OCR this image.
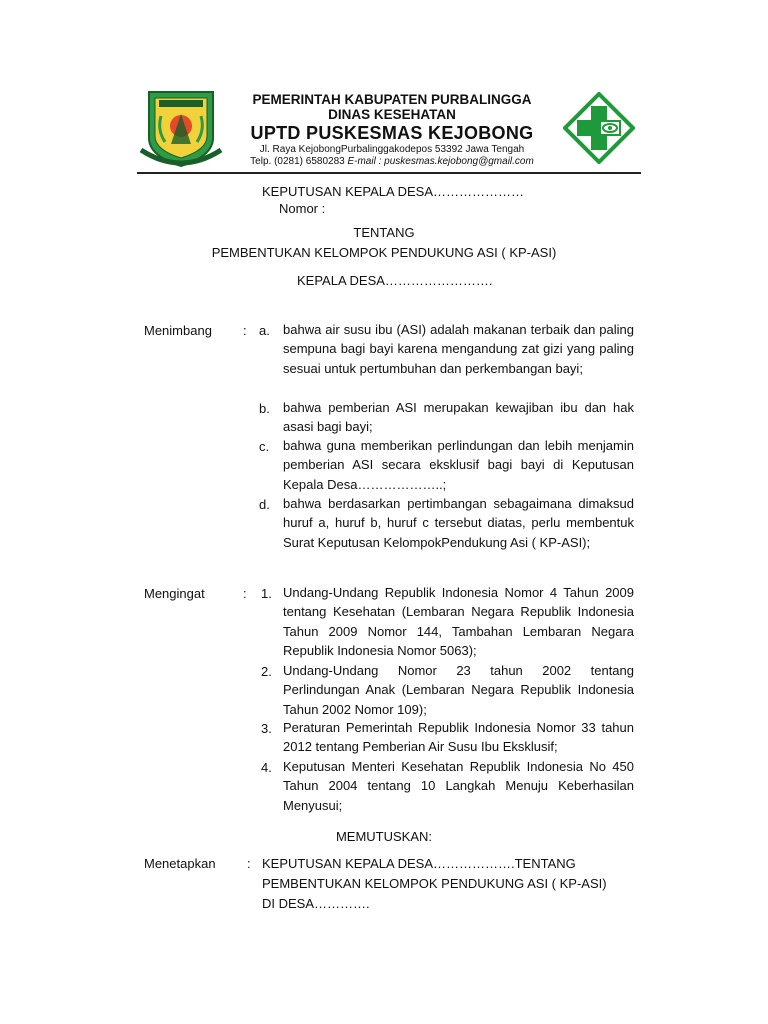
PEMERINTAH KABUPATEN PURBALINGGA
DINAS KESEHATAN
UPTD PUSKESMAS KEJOBONG
Jl. Raya KejobongPurbalinggakodepos 53392 Jawa Tengah
Telp. (0281) 6580283 E-mail : puskesmas.kejobong@gmail.com
KEPUTUSAN KEPALA DESA…………………
Nomor :
TENTANG
PEMBENTUKAN KELOMPOK PENDUKUNG ASI ( KP-ASI)
KEPALA DESA…………………….
Menimbang : a. bahwa air susu ibu (ASI) adalah makanan terbaik dan paling sempuna bagi bayi karena mengandung zat gizi yang paling sesuai untuk pertumbuhan dan perkembangan bayi;
b. bahwa pemberian ASI merupakan kewajiban ibu dan hak asasi bagi bayi;
c. bahwa guna memberikan perlindungan dan lebih menjamin pemberian ASI secara eksklusif bagi bayi di Keputusan Kepala Desa………………..;
d. bahwa berdasarkan pertimbangan sebagaimana dimaksud huruf a, huruf b, huruf c tersebut diatas, perlu membentuk Surat Keputusan KelompokPendukung Asi ( KP-ASI);
Mengingat	: 1. Undang-Undang Republik Indonesia Nomor 4 Tahun 2009 tentang Kesehatan (Lembaran Negara Republik Indonesia Tahun 2009 Nomor 144, Tambahan Lembaran Negara Republik Indonesia Nomor 5063);
2. Undang-Undang Nomor 23 tahun 2002 tentang Perlindungan Anak (Lembaran Negara Republik Indonesia Tahun 2002 Nomor 109);
3. Peraturan Pemerintah Republik Indonesia Nomor 33 tahun 2012 tentang Pemberian Air Susu Ibu Eksklusif;
4. Keputusan Menteri Kesehatan Republik Indonesia No 450 Tahun 2004 tentang 10 Langkah Menuju Keberhasilan Menyusui;
MEMUTUSKAN:
Menetapkan : KEPUTUSAN KEPALA DESA……………….TENTANG
PEMBENTUKAN KELOMPOK PENDUKUNG ASI ( KP-ASI)
DI DESA………….
